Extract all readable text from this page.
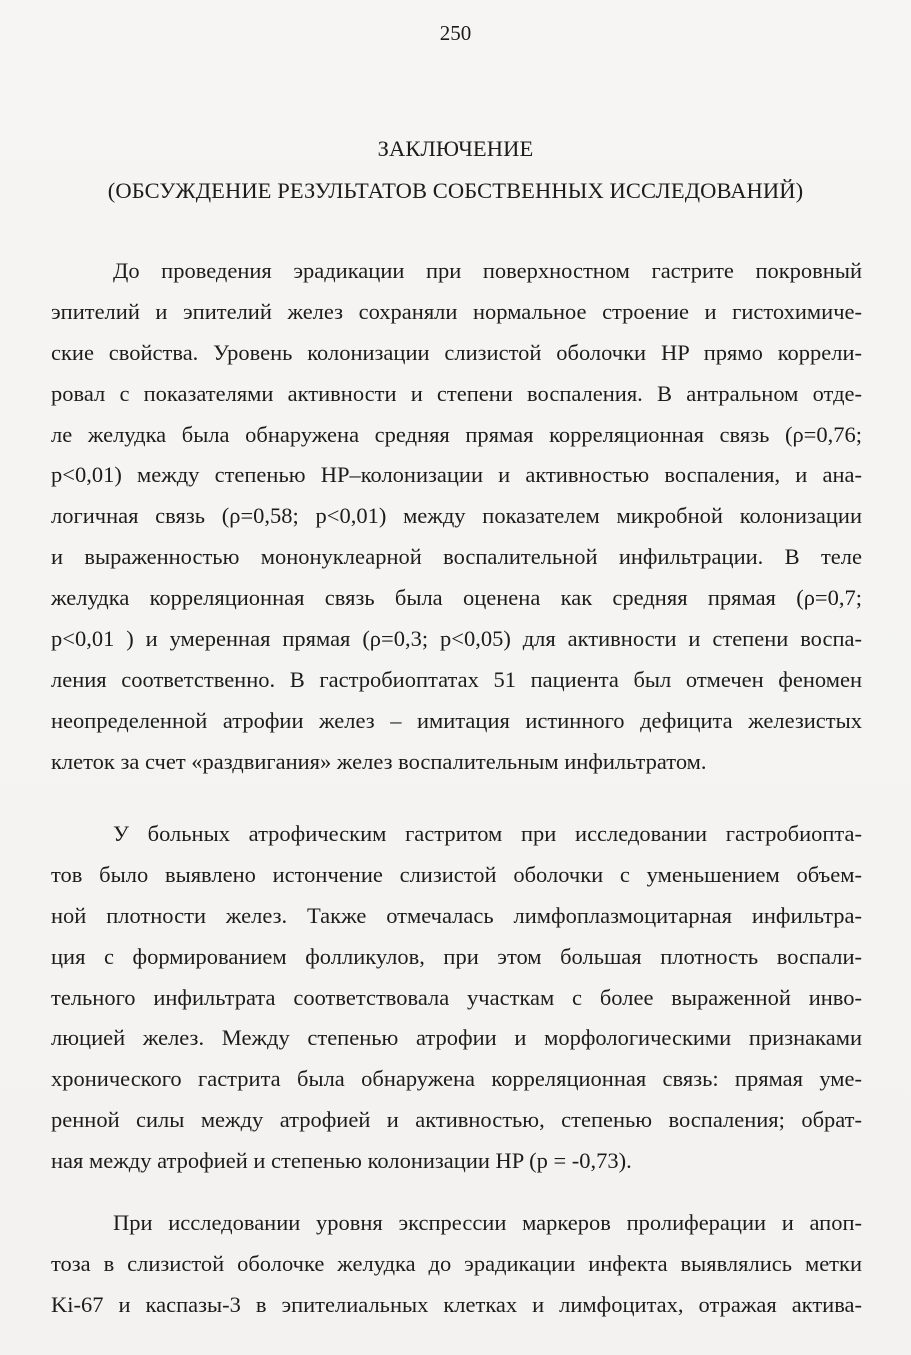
250
ЗАКЛЮЧЕНИЕ
(ОБСУЖДЕНИЕ РЕЗУЛЬТАТОВ СОБСТВЕННЫХ ИССЛЕДОВАНИЙ)
До проведения эрадикации при поверхностном гастрите покровный
эпителий и эпителий желез сохраняли нормальное строение и гистохимиче-
ские свойства. Уровень колонизации слизистой оболочки HP прямо коррели-
ровал с показателями активности и степени воспаления. В антральном отде-
ле желудка была обнаружена средняя прямая корреляционная связь (ρ=0,76;
p<0,01) между степенью HP–колонизации и активностью воспаления, и ана-
логичная связь (ρ=0,58; p<0,01) между показателем микробной колонизации
и выраженностью мононуклеарной воспалительной инфильтрации. В теле
желудка корреляционная связь была оценена как средняя прямая (ρ=0,7;
p<0,01 ) и умеренная прямая (ρ=0,3; p<0,05) для активности и степени воспа-
ления соответственно. В гастробиоптатах 51 пациента был отмечен феномен
неопределенной атрофии желез – имитация истинного дефицита железистых
клеток за счет «раздвигания» желез воспалительным инфильтратом.
У больных атрофическим гастритом при исследовании гастробиопта-
тов было выявлено истончение слизистой оболочки с уменьшением объем-
ной плотности желез. Также отмечалась лимфоплазмоцитарная инфильтра-
ция с формированием фолликулов, при этом большая плотность воспали-
тельного инфильтрата соответствовала участкам с более выраженной инво-
люцией желез. Между степенью атрофии и морфологическими признаками
хронического гастрита была обнаружена корреляционная связь: прямая уме-
ренной силы между атрофией и активностью, степенью воспаления; обрат-
ная между атрофией и степенью колонизации HP (p = -0,73).
При исследовании уровня экспрессии маркеров пролиферации и апоп-
тоза в слизистой оболочке желудка до эрадикации инфекта выявлялись метки
Ki-67 и каспазы-3 в эпителиальных клетках и лимфоцитах, отражая актива-
